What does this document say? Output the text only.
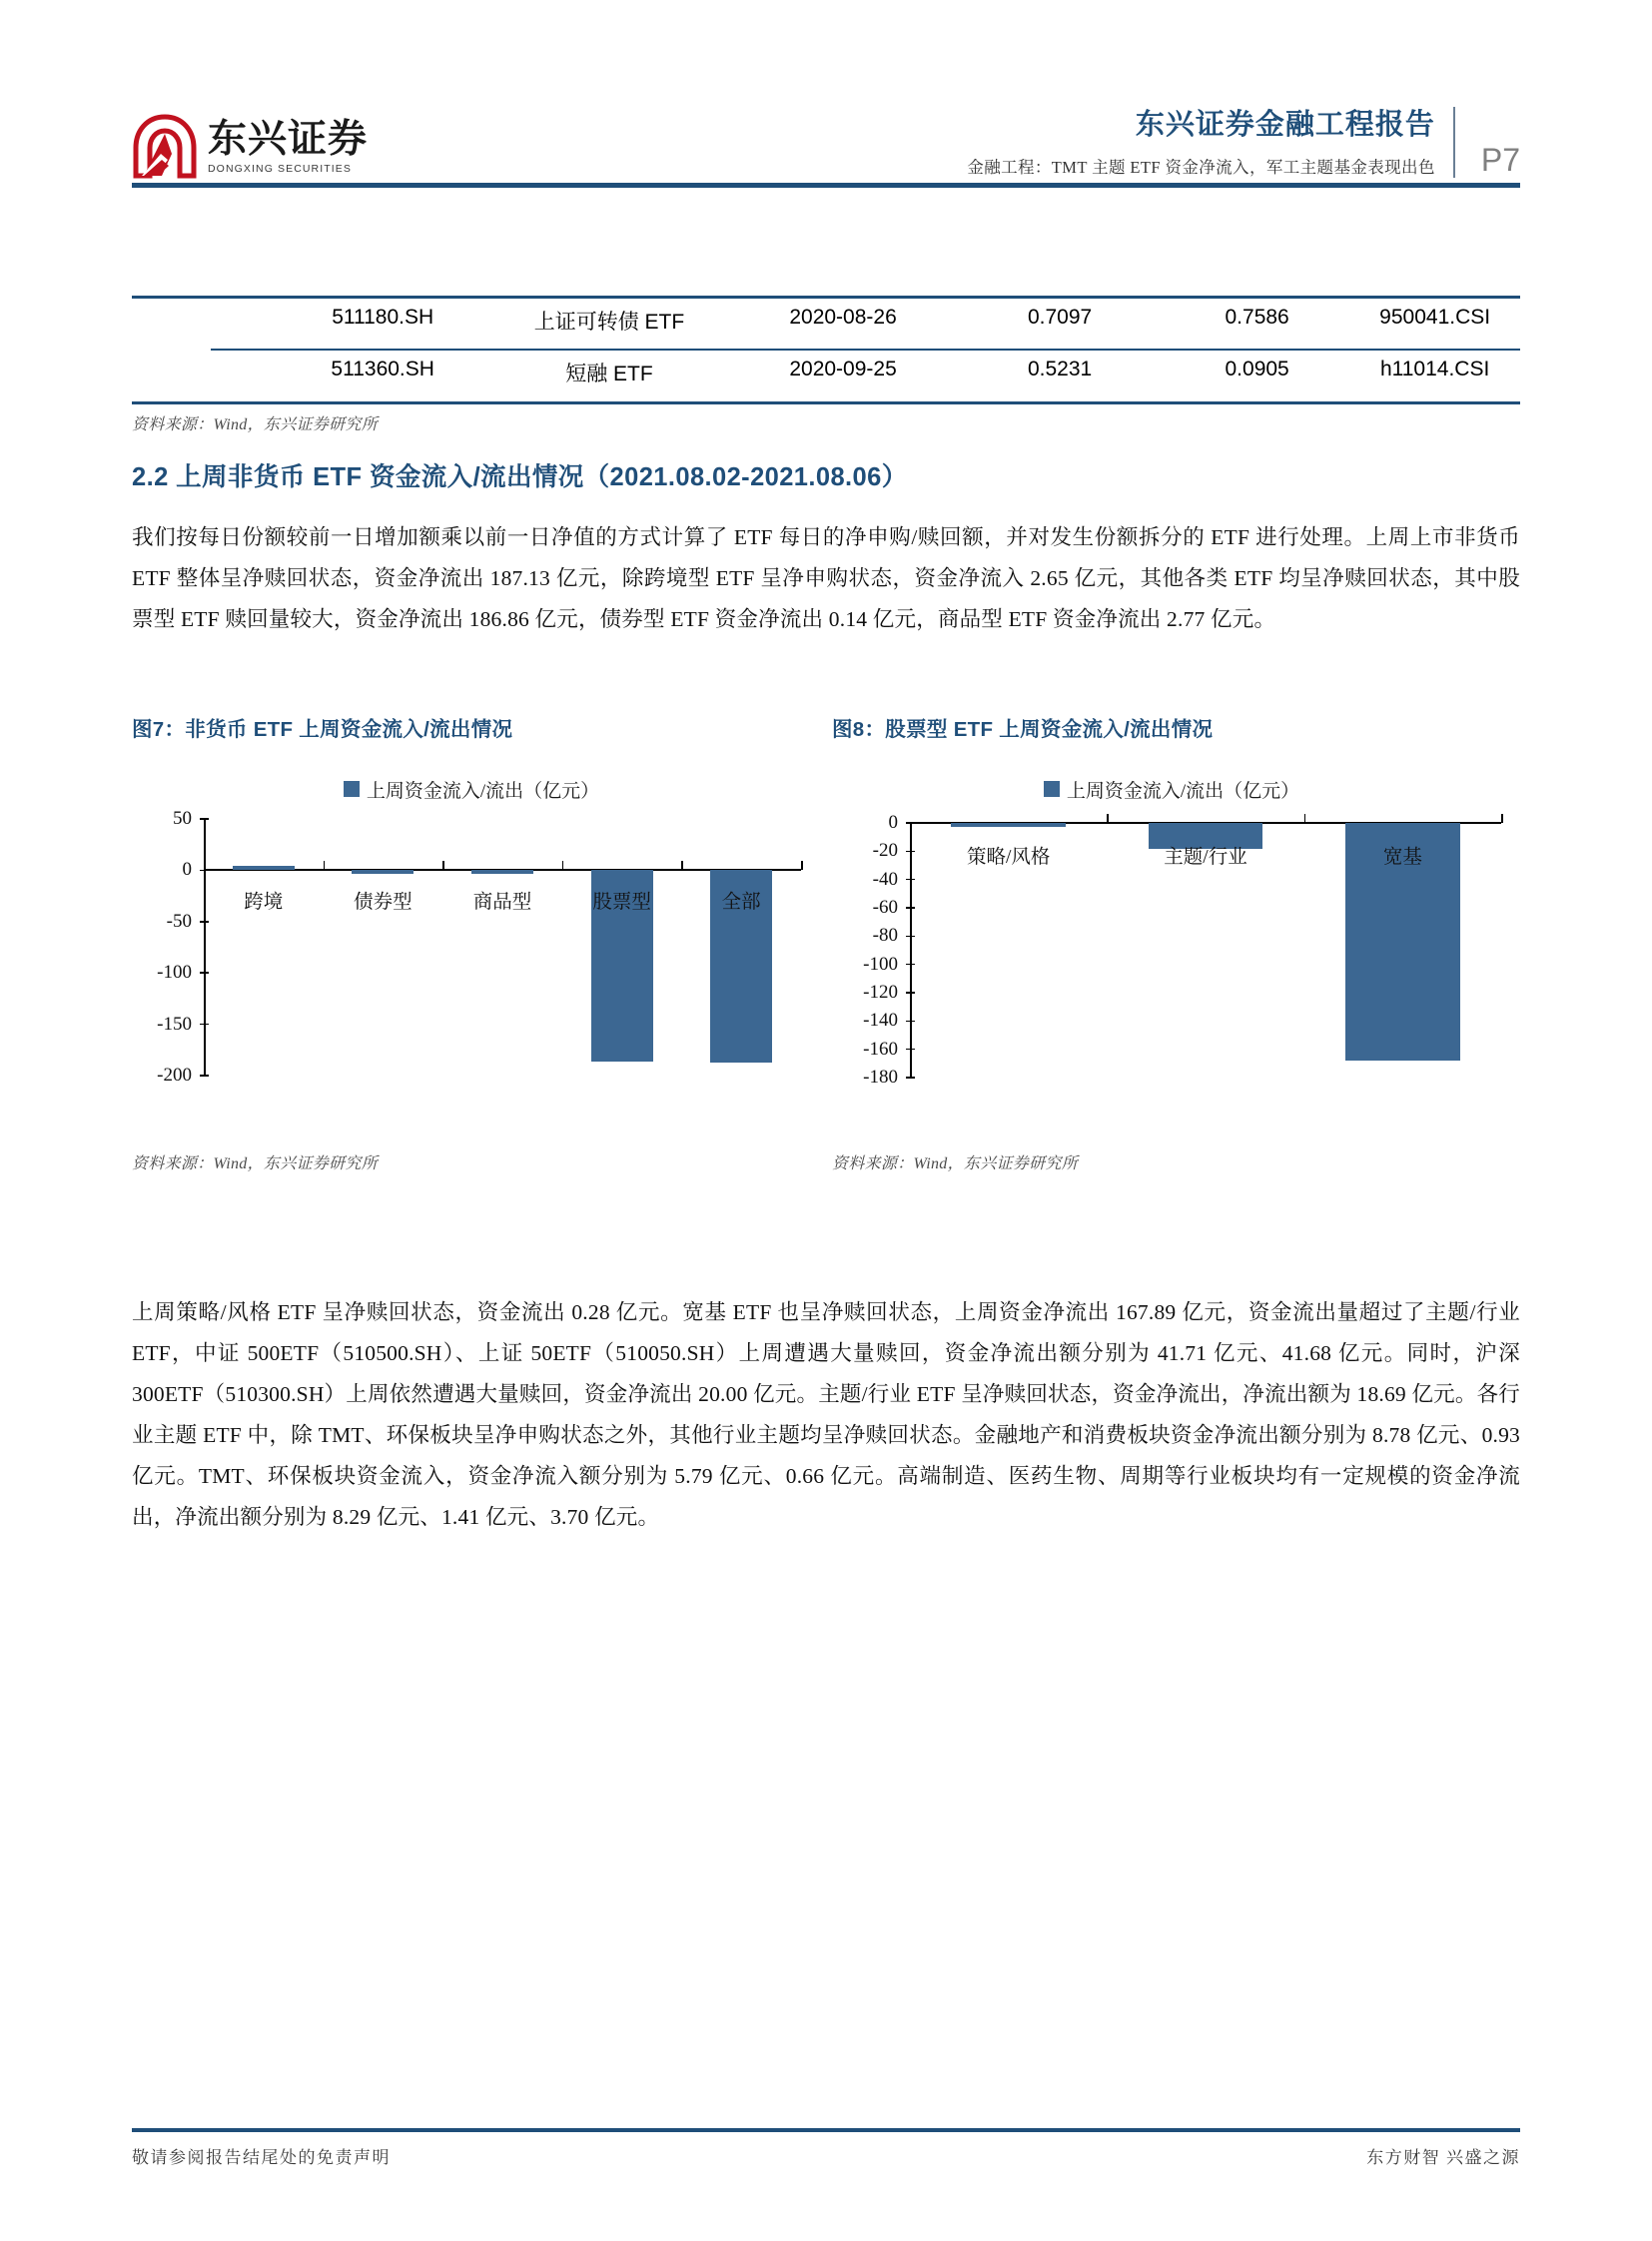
东兴证券
DONGXING SECURITIES
东兴证券金融工程报告
金融工程：TMT 主题 ETF 资金净流入，军工主题基金表现出色	P7
511180.SH	上证可转债 ETF	2020-08-26	0.7097	0.7586	950041.CSI
511360.SH	短融 ETF	2020-09-25	0.5231	0.0905	h11014.CSI
资料来源：Wind，东兴证券研究所
2.2 上周非货币 ETF 资金流入/流出情况（2021.08.02-2021.08.06）
我们按每日份额较前一日增加额乘以前一日净值的方式计算了 ETF 每日的净申购/赎回额，并对发生份额拆分的 ETF 进行处理。上周上市非货币 ETF 整体呈净赎回状态，资金净流出 187.13 亿元，除跨境型 ETF 呈净申购状态，资金净流入 2.65 亿元，其他各类 ETF 均呈净赎回状态，其中股票型 ETF 赎回量较大，资金净流出 186.86 亿元，债券型 ETF 资金净流出 0.14 亿元，商品型 ETF 资金净流出 2.77 亿元。
图7：非货币 ETF 上周资金流入/流出情况	图8：股票型 ETF 上周资金流入/流出情况
上周资金流入/流出（亿元）
50
0
-50
-100
-150
-200
跨境	债券型	商品型	股票型	全部
资料来源：Wind，东兴证券研究所
上周资金流入/流出（亿元）
0
-20
-40
-60
-80
-100
-120
-140
-160
-180
策略/风格	主题/行业	宽基
资料来源：Wind，东兴证券研究所
上周策略/风格 ETF 呈净赎回状态，资金流出 0.28 亿元。宽基 ETF 也呈净赎回状态，上周资金净流出 167.89 亿元，资金流出量超过了主题/行业 ETF，中证 500ETF（510500.SH）、上证 50ETF（510050.SH）上周遭遇大量赎回，资金净流出额分别为 41.71 亿元、41.68 亿元。同时，沪深 300ETF（510300.SH）上周依然遭遇大量赎回，资金净流出 20.00 亿元。主题/行业 ETF 呈净赎回状态，资金净流出，净流出额为 18.69 亿元。各行业主题 ETF 中，除 TMT、环保板块呈净申购状态之外，其他行业主题均呈净赎回状态。金融地产和消费板块资金净流出额分别为 8.78 亿元、0.93 亿元。TMT、环保板块资金流入，资金净流入额分别为 5.79 亿元、0.66 亿元。高端制造、医药生物、周期等行业板块均有一定规模的资金净流出，净流出额分别为 8.29 亿元、1.41 亿元、3.70 亿元。
敬请参阅报告结尾处的免责声明	东方财智 兴盛之源
